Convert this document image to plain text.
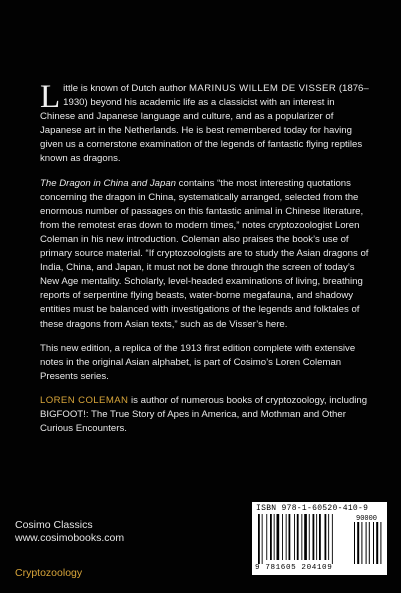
Little is known of Dutch author MARINUS WILLEM DE VISSER (1876–1930) beyond his academic life as a classicist with an interest in Chinese and Japanese language and culture, and as a popularizer of Japanese art in the Netherlands. He is best remembered today for having given us a cornerstone examination of the legends of fantastic flying reptiles known as dragons.

The Dragon in China and Japan contains “the most interesting quotations concerning the dragon in China, systematically arranged, selected from the enormous number of passages on this fantastic animal in Chinese literature, from the remotest eras down to modern times,” notes cryptozoologist Loren Coleman in his new introduction. Coleman also praises the book’s use of primary source material. “If cryptozoologists are to study the Asian dragons of India, China, and Japan, it must not be done through the screen of today’s New Age mentality. Scholarly, level-headed examinations of living, breathing reports of serpentine flying beasts, water-borne megafauna, and shadowy entities must be balanced with investigations of the legends and folktales of these dragons from Asian texts,” such as de Visser’s here.

This new edition, a replica of the 1913 first edition complete with extensive notes in the original Asian alphabet, is part of Cosimo’s Loren Coleman Presents series.

LOREN COLEMAN is author of numerous books of cryptozoology, including BIGFOOT!: The True Story of Apes in America, and Mothman and Other Curious Encounters.

Cosimo Classics
www.cosimobooks.com
Cryptozoology
ISBN 978-1-60520-410-9
90000
9 781605 204109
